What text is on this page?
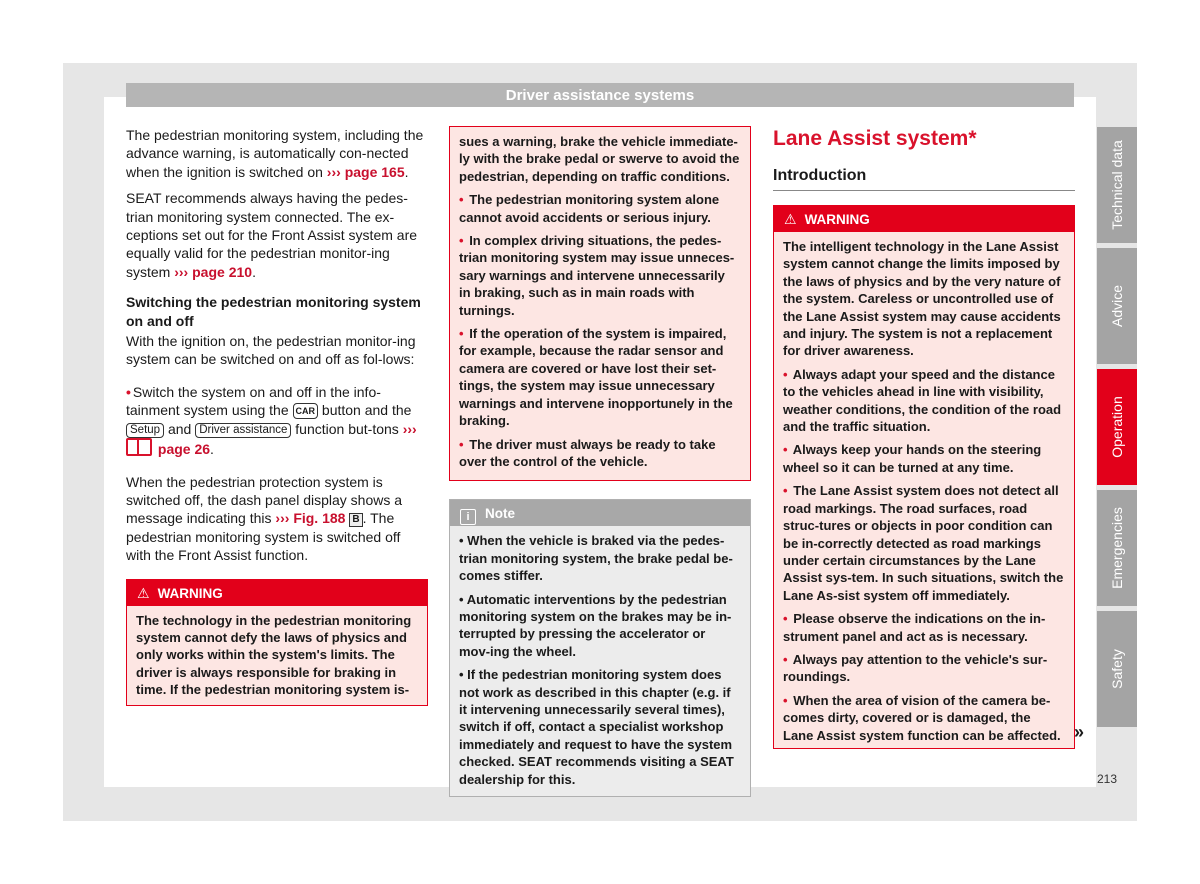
Driver assistance systems

The pedestrian monitoring system, including the advance warning, is automatically con-nected when the ignition is switched on ››› page 165.

SEAT recommends always having the pedes-trian monitoring system connected. The ex-ceptions set out for the Front Assist system are equally valid for the pedestrian monitor-ing system ››› page 210.

Switching the pedestrian monitoring system on and off

With the ignition on, the pedestrian monitor-ing system can be switched on and off as fol-lows:

• Switch the system on and off in the info-tainment system using the CAR button and the Setup and Driver assistance function but-tons ›››  page 26.

When the pedestrian protection system is switched off, the dash panel display shows a message indicating this ››› Fig. 188 B . The pedestrian monitoring system is switched off with the Front Assist function.

⚠ WARNING

The technology in the pedestrian monitoring system cannot defy the laws of physics and only works within the system's limits. The driver is always responsible for braking in time. If the pedestrian monitoring system is-

sues a warning, brake the vehicle immediate-ly with the brake pedal or swerve to avoid the pedestrian, depending on traffic conditions.

• The pedestrian monitoring system alone cannot avoid accidents or serious injury.

• In complex driving situations, the pedes-trian monitoring system may issue unneces-sary warnings and intervene unnecessarily in braking, such as in main roads with turnings.

• If the operation of the system is impaired, for example, because the radar sensor and camera are covered or have lost their set-tings, the system may issue unnecessary warnings and intervene inopportunely in the braking.

• The driver must always be ready to take over the control of the vehicle.

i Note

• When the vehicle is braked via the pedes-trian monitoring system, the brake pedal be-comes stiffer.

• Automatic interventions by the pedestrian monitoring system on the brakes may be in-terrupted by pressing the accelerator or mov-ing the wheel.

• If the pedestrian monitoring system does not work as described in this chapter (e.g. if it intervening unnecessarily several times), switch if off, contact a specialist workshop immediately and request to have the system checked. SEAT recommends visiting a SEAT dealership for this.

Lane Assist system*
Introduction
⚠ WARNING

The intelligent technology in the Lane Assist system cannot change the limits imposed by the laws of physics and by the very nature of the system. Careless or uncontrolled use of the Lane Assist system may cause accidents and injury. The system is not a replacement for driver awareness.

• Always adapt your speed and the distance to the vehicles ahead in line with visibility, weather conditions, the condition of the road and the traffic situation.

• Always keep your hands on the steering wheel so it can be turned at any time.

• The Lane Assist system does not detect all road markings. The road surfaces, road struc-tures or objects in poor condition can be in-correctly detected as road markings under certain circumstances by the Lane Assist sys-tem. In such situations, switch the Lane As-sist system off immediately.

• Please observe the indications on the in-strument panel and act as is necessary.

• Always pay attention to the vehicle's sur-roundings.

• When the area of vision of the camera be-comes dirty, covered or is damaged, the Lane Assist system function can be affected. »
Technical data
Advice
Operation
Emergencies
Safety
213
